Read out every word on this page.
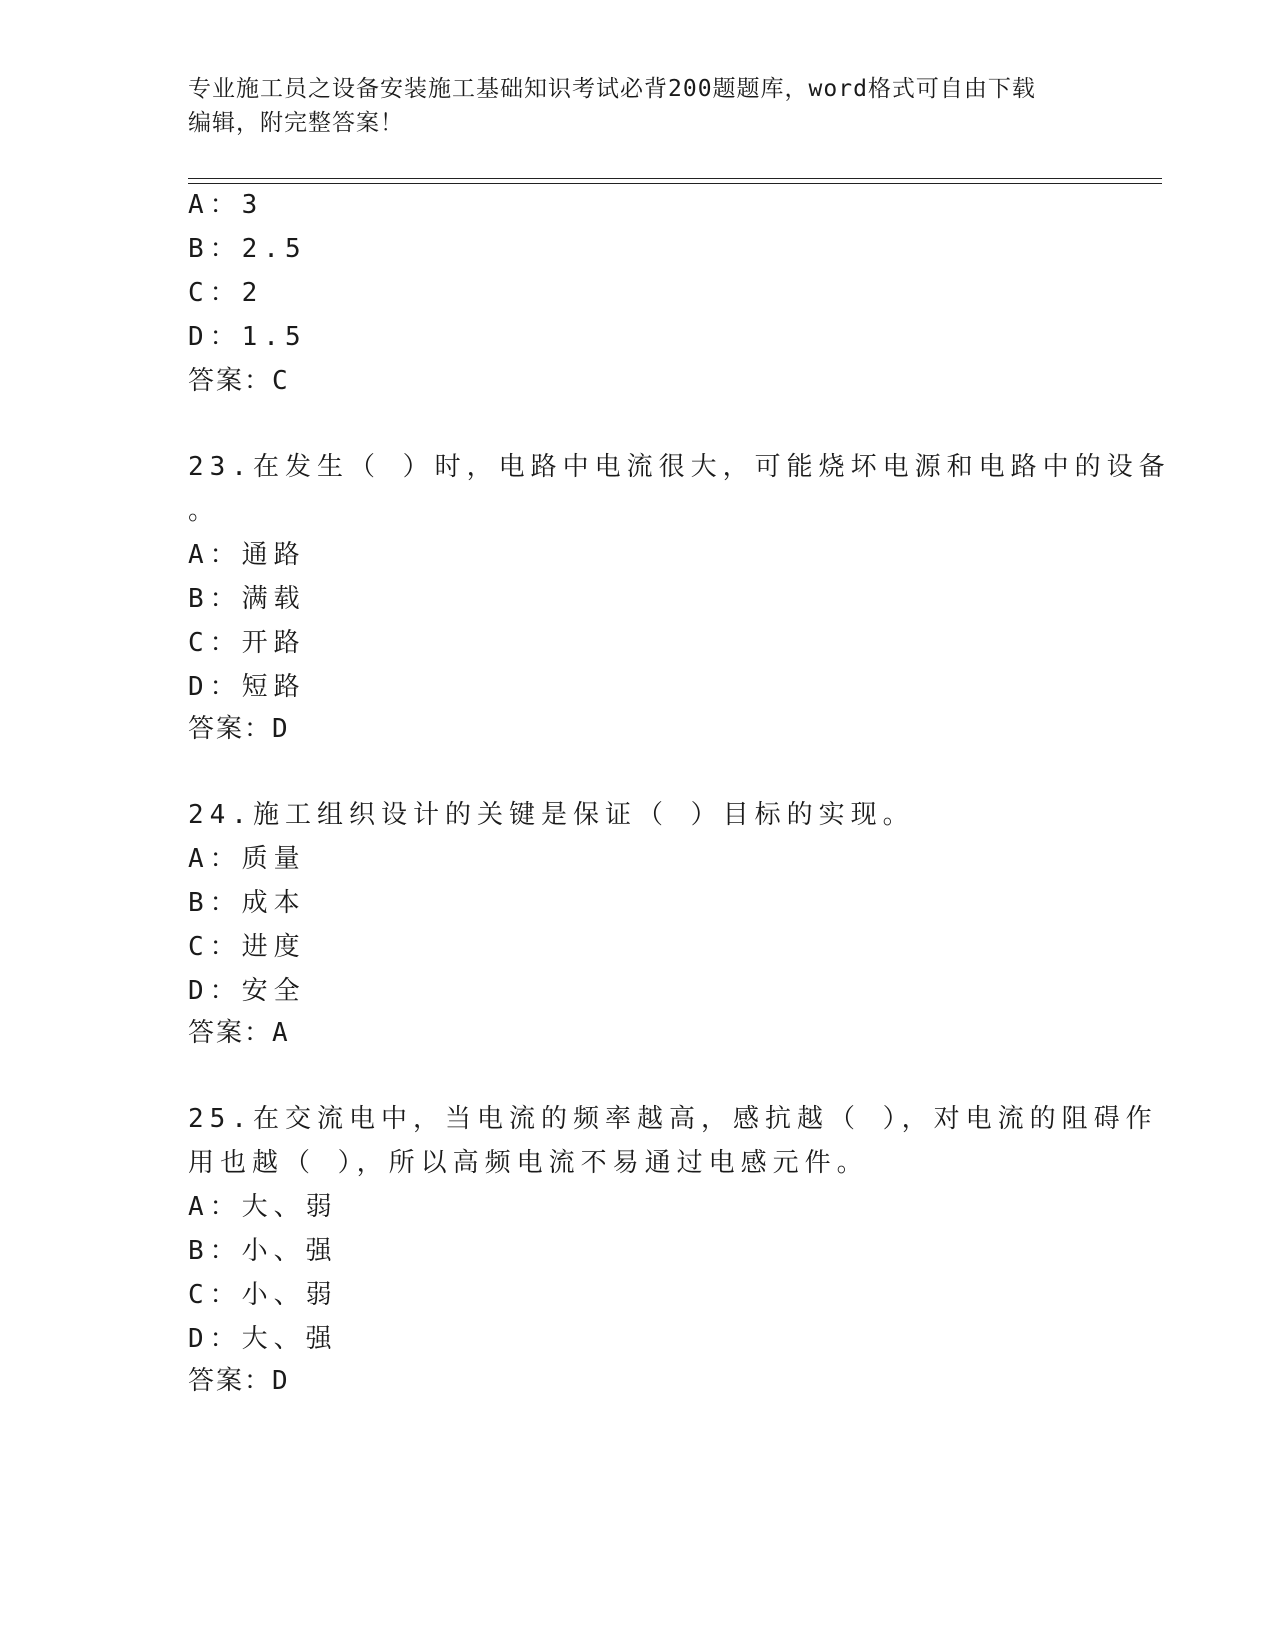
专业施工员之设备安装施工基础知识考试必背200题题库，word格式可自由下载
编辑，附完整答案！
A：3
B：2.5
C：2
D：1.5
答案：C
23.在发生（ ）时，电路中电流很大，可能烧坏电源和电路中的设备
。
A：通路
B：满载
C：开路
D：短路
答案：D
24.施工组织设计的关键是保证（ ）目标的实现。
A：质量
B：成本
C：进度
D：安全
答案：A
25.在交流电中，当电流的频率越高，感抗越（ ），对电流的阻碍作
用也越（ ），所以高频电流不易通过电感元件。
A：大、弱
B：小、强
C：小、弱
D：大、强
答案：D
